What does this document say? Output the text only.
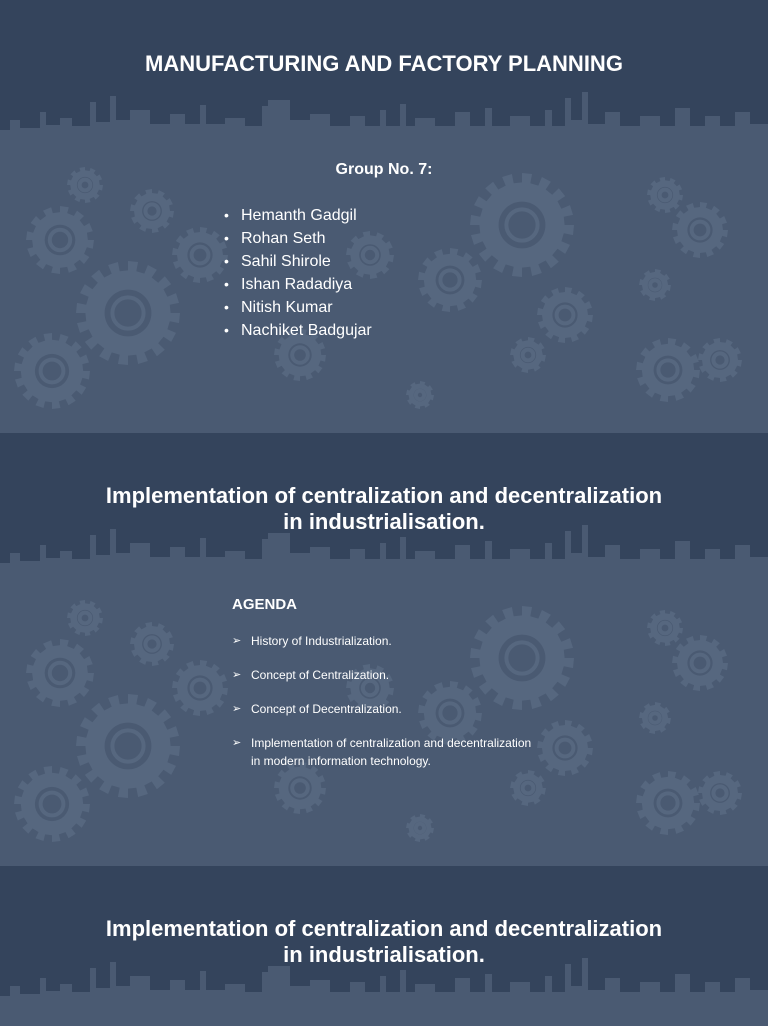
MANUFACTURING AND FACTORY PLANNING

Group No. 7:

• Hemanth Gadgil
• Rohan Seth
• Sahil Shirole
• Ishan Radadiya
• Nitish Kumar
• Nachiket Badgujar
Implementation of centralization and decentralization
in industrialisation.

AGENDA

➢ History of Industrialization.
➢ Concept of Centralization.
➢ Concept of Decentralization.
➢ Implementation of centralization and decentralization in modern information technology.
Implementation of centralization and decentralization
in industrialisation.
